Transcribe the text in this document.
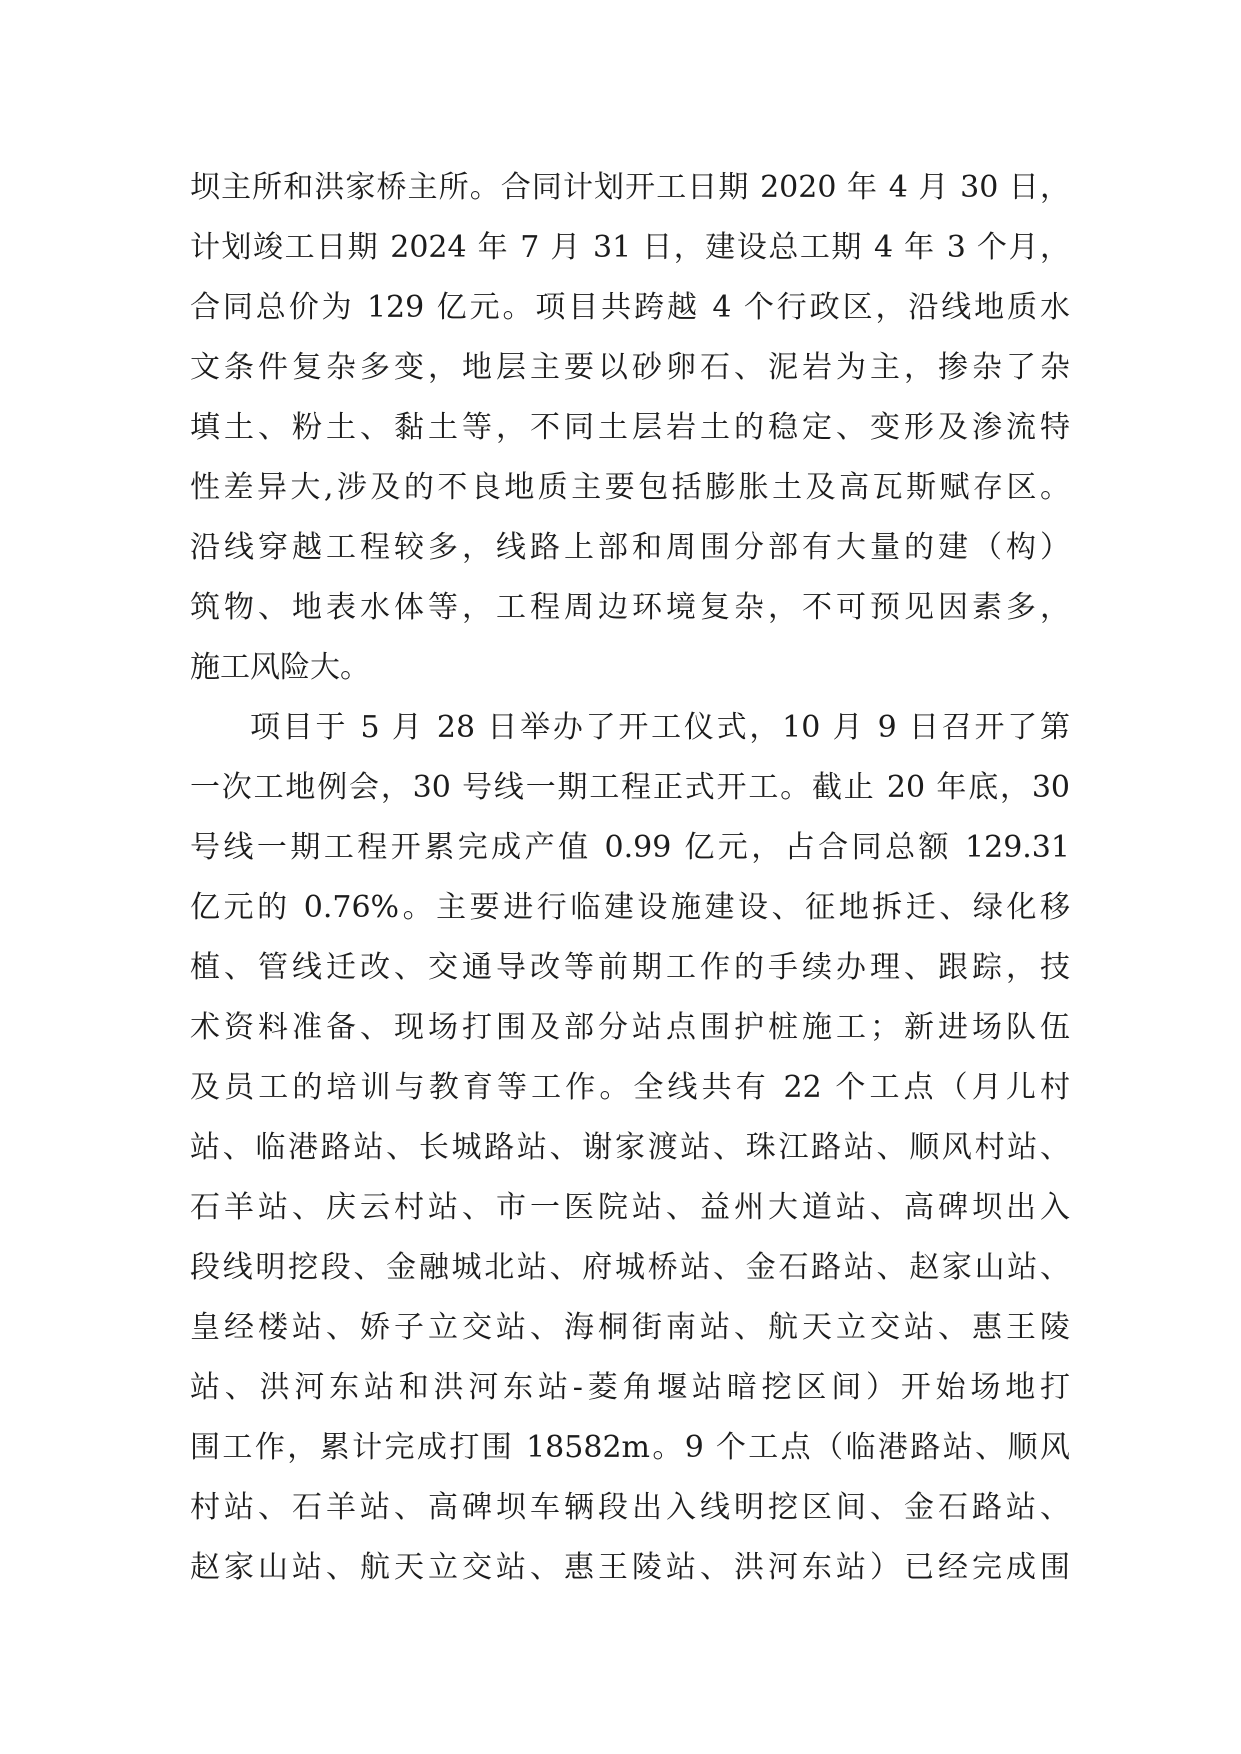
坝主所和洪家桥主所。合同计划开工日期 2020 年 4 月 30 日，
计划竣工日期 2024 年 7 月 31 日，建设总工期 4 年 3 个月，
合同总价为 129 亿元。项目共跨越 4 个行政区，沿线地质水
文条件复杂多变，地层主要以砂卵石、泥岩为主，掺杂了杂
填土、粉土、黏土等，不同土层岩土的稳定、变形及渗流特
性差异大,涉及的不良地质主要包括膨胀土及高瓦斯赋存区。
沿线穿越工程较多，线路上部和周围分部有大量的建（构）
筑物、地表水体等，工程周边环境复杂，不可预见因素多，
施工风险大。
项目于 5 月 28 日举办了开工仪式，10 月 9 日召开了第
一次工地例会，30 号线一期工程正式开工。截止 20 年底，30
号线一期工程开累完成产值 0.99 亿元，占合同总额 129.31
亿元的 0.76%。主要进行临建设施建设、征地拆迁、绿化移
植、管线迁改、交通导改等前期工作的手续办理、跟踪，技
术资料准备、现场打围及部分站点围护桩施工；新进场队伍
及员工的培训与教育等工作。全线共有 22 个工点（月儿村
站、临港路站、长城路站、谢家渡站、珠江路站、顺风村站、
石羊站、庆云村站、市一医院站、益州大道站、高碑坝出入
段线明挖段、金融城北站、府城桥站、金石路站、赵家山站、
皇经楼站、娇子立交站、海桐街南站、航天立交站、惠王陵
站、洪河东站和洪河东站-菱角堰站暗挖区间）开始场地打
围工作，累计完成打围 18582m。9 个工点（临港路站、顺风
村站、石羊站、高碑坝车辆段出入线明挖区间、金石路站、
赵家山站、航天立交站、惠王陵站、洪河东站）已经完成围
